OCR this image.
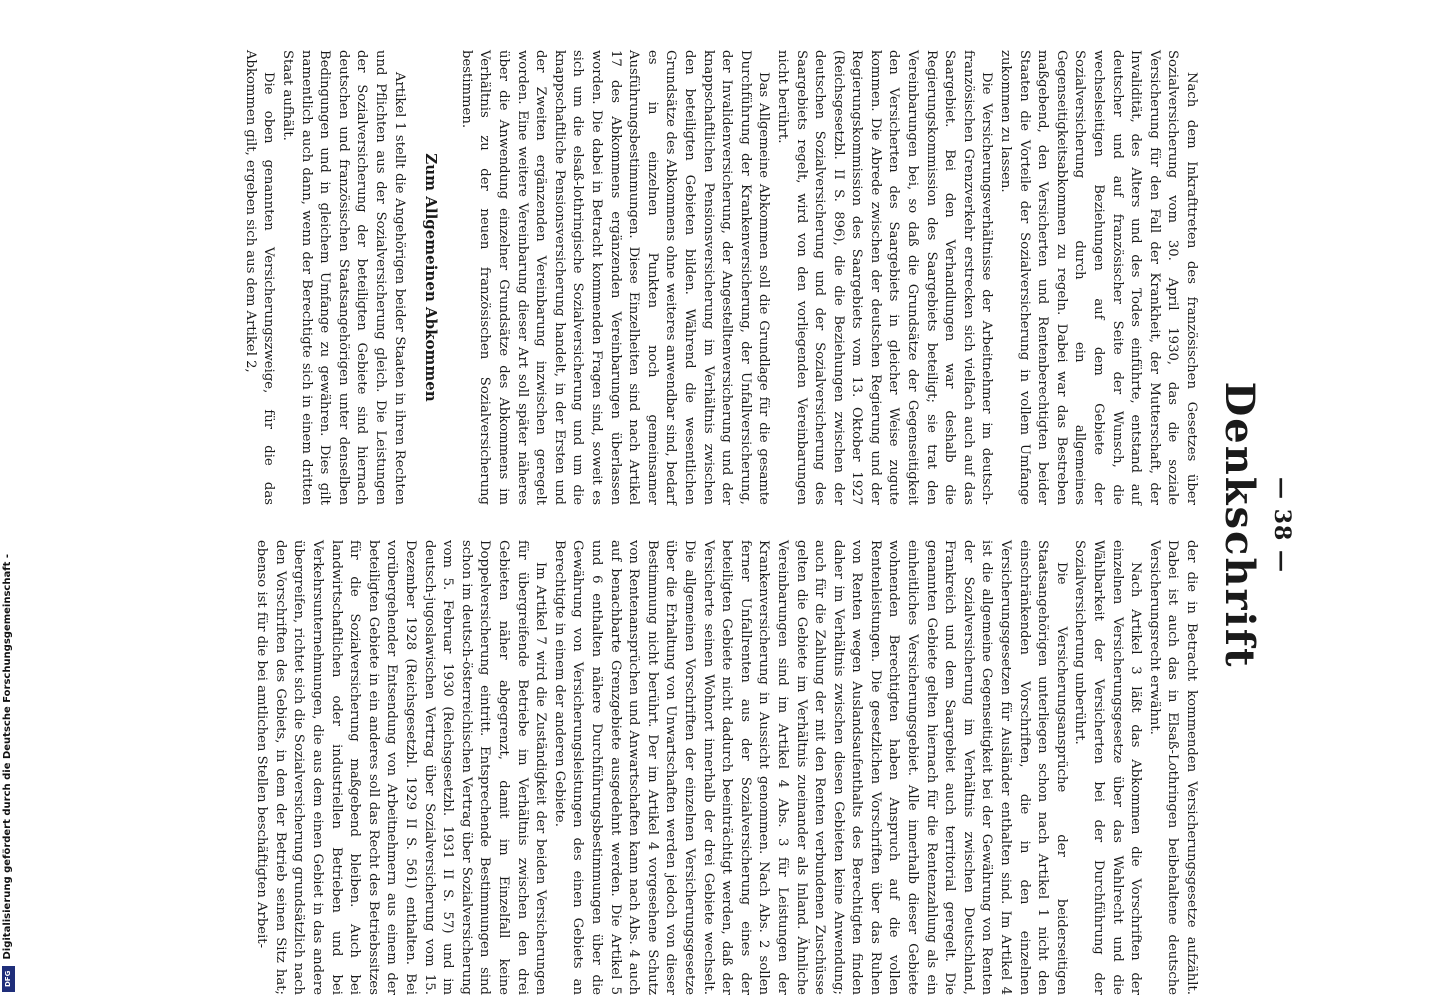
Digitalisierung gefördert durch die Deutsche Forschungsgemeinschaft -
DFG
— 38 —
Denkschrift

Nach dem Inkrafttreten des französischen Gesetzes über Sozialversicherung vom 30. April 1930, das die soziale Versicherung für den Fall der Krankheit, der Mutterschaft, der Invalidität, des Alters und des Todes einführte, entstand auf deutscher und auf französischer Seite der Wunsch, die wechselseitigen Beziehungen auf dem Gebiete der Sozialversicherung durch ein allgemeines Gegenseitigkeitsabkommen zu regeln. Dabei war das Bestreben maßgebend, den Versicherten und Rentenberechtigten beider Staaten die Vorteile der Sozialversicherung in vollem Umfange zukommen zu lassen.

Die Versicherungsverhältnisse der Arbeitnehmer im deutsch-französischen Grenzverkehr erstrecken sich vielfach auch auf das Saargebiet. Bei den Verhandlungen war deshalb die Regierungskommission des Saargebiets beteiligt; sie trat den Vereinbarungen bei, so daß die Grundsätze der Gegenseitigkeit den Versicherten des Saargebiets in gleicher Weise zugute kommen. Die Abrede zwischen der deutschen Regierung und der Regierungskommission des Saargebiets vom 13. Oktober 1927 (Reichsgesetzbl. II S. 896), die die Beziehungen zwischen der deutschen Sozialversicherung und der Sozialversicherung des Saargebiets regelt, wird von den vorliegenden Vereinbarungen nicht berührt.

Das Allgemeine Abkommen soll die Grundlage für die gesamte Durchführung der Krankenversicherung, der Unfallversicherung, der Invalidenversicherung, der Angestelltenversicherung und der knappschaftlichen Pensionsversicherung im Verhältnis zwischen den beteiligten Gebieten bilden. Während die wesentlichen Grundsätze des Abkommens ohne weiteres anwendbar sind, bedarf es in einzelnen Punkten noch gemeinsamer Ausführungsbestimmungen. Diese Einzelheiten sind nach Artikel 17 des Abkommens ergänzenden Vereinbarungen überlassen worden. Die dabei in Betracht kommenden Fragen sind, soweit es sich um die elsaß-lothringische Sozialversicherung und um die knappschaftliche Pensionsversicherung handelt, in der Ersten und der Zweiten ergänzenden Vereinbarung inzwischen geregelt worden. Eine weitere Vereinbarung dieser Art soll später näheres über die Anwendung einzelner Grundsätze des Abkommens im Verhältnis zu der neuen französischen Sozialversicherung bestimmen.

Zum Allgemeinen Abkommen

Artikel 1 stellt die Angehörigen beider Staaten in ihren Rechten und Pflichten aus der Sozialversicherung gleich. Die Leistungen der Sozialversicherung der beteiligten Gebiete sind hiernach deutschen und französischen Staatsangehörigen unter denselben Bedingungen und in gleichem Umfange zu gewähren. Dies gilt namentlich auch dann, wenn der Berechtigte sich in einem dritten Staat aufhält.

Die oben genannten Versicherungszweige, für die das Abkommen gilt, ergeben sich aus dem Artikel 2,

der die in Betracht kommenden Versicherungsgesetze aufzählt. Dabei ist auch das in Elsaß-Lothringen beibehaltene deutsche Versicherungsrecht erwähnt.

Nach Artikel 3 läßt das Abkommen die Vorschriften der einzelnen Versicherungsgesetze über das Wahlrecht und die Wählbarkeit der Versicherten bei der Durchführung der Sozialversicherung unberührt.

Die Versicherungsansprüche der beiderseitigen Staatsangehörigen unterliegen schon nach Artikel 1 nicht den einschränkenden Vorschriften, die in den einzelnen Versicherungsgesetzen für Ausländer enthalten sind. Im Artikel 4 ist die allgemeine Gegenseitigkeit bei der Gewährung von Renten der Sozialversicherung im Verhältnis zwischen Deutschland, Frankreich und dem Saargebiet auch territorial geregelt. Die genannten Gebiete gelten hiernach für die Rentenzahlung als ein einheitliches Versicherungsgebiet. Alle innerhalb dieser Gebiete wohnenden Berechtigten haben Anspruch auf die vollen Rentenleistungen. Die gesetzlichen Vorschriften über das Ruhen von Renten wegen Auslandsaufenthalts des Berechtigten finden daher im Verhältnis zwischen diesen Gebieten keine Anwendung; auch für die Zahlung der mit den Renten verbundenen Zuschüsse gelten die Gebiete im Verhältnis zueinander als Inland. Ähnliche Vereinbarungen sind im Artikel 4 Abs. 3 für Leistungen der Krankenversicherung in Aussicht genommen. Nach Abs. 2 sollen ferner Unfallrenten aus der Sozialversicherung eines der beteiligten Gebiete nicht dadurch beeinträchtigt werden, daß der Versicherte seinen Wohnort innerhalb der drei Gebiete wechselt. Die allgemeinen Vorschriften der einzelnen Versicherungsgesetze über die Erhaltung von Unwartschaften werden jedoch von dieser Bestimmung nicht berührt. Der im Artikel 4 vorgesehene Schutz von Rentenansprüchen und Anwartschaften kann nach Abs. 4 auch auf benachbarte Grenzgebiete ausgedehnt werden. Die Artikel 5 und 6 enthalten nähere Durchführungsbestimmungen über die Gewährung von Versicherungsleistungen des einen Gebiets an Berechtigte in einem der anderen Gebiete.

Im Artikel 7 wird die Zuständigkeit der beiden Versicherungen für übergreifende Betriebe im Verhältnis zwischen den drei Gebieten näher abgegrenzt, damit im Einzelfall keine Doppelversicherung eintritt. Entsprechende Bestimmungen sind schon im deutsch-österreichischen Vertrag über Sozialversicherung vom 5. Februar 1930 (Reichsgesetzbl. 1931 II S. 57) und im deutsch-jugoslawischen Vertrag über Sozialversicherung vom 15. Dezember 1928 (Reichsgesetzbl. 1929 II S. 561) enthalten. Bei vorübergehender Entsendung von Arbeitnehmern aus einem der beteiligten Gebiete in ein anderes soll das Recht des Betriebssitzes für die Sozialversicherung maßgebend bleiben. Auch bei landwirtschaftlichen oder industriellen Betrieben und bei Verkehrsunternehmungen, die aus dem einen Gebiet in das andere übergreifen, richtet sich die Sozialversicherung grundsätzlich nach den Vorschriften des Gebiets, in dem der Betrieb seinen Sitz hat; ebenso ist für die bei amtlichen Stellen beschäftigten Arbeit-
